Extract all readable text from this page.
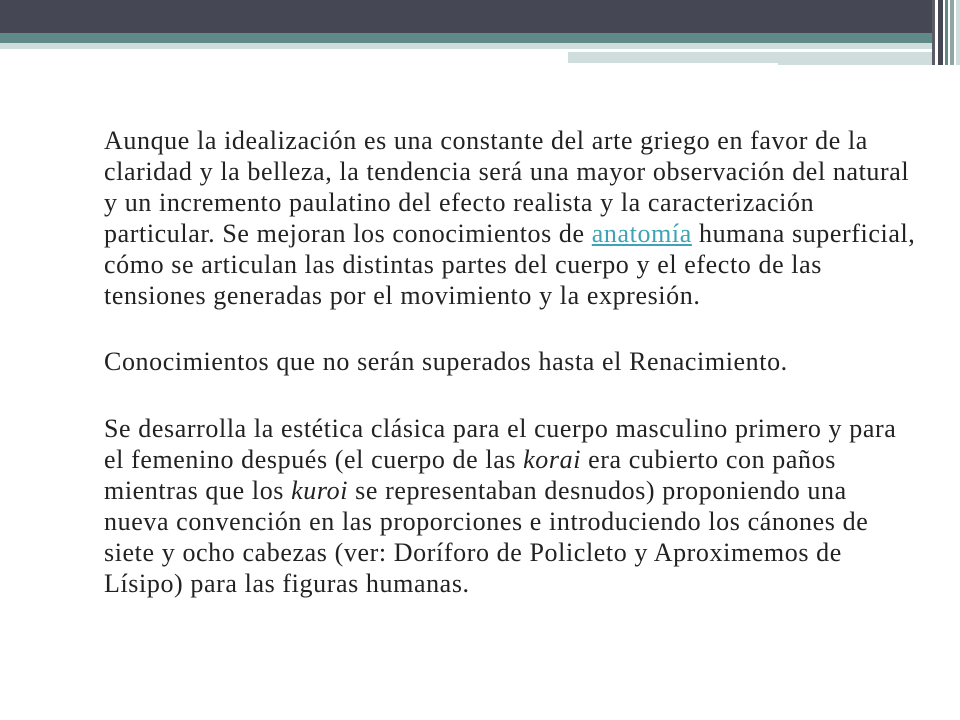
Aunque la idealización es una constante del arte griego en favor de la claridad y la belleza, la tendencia será una mayor observación del natural y un incremento paulatino del efecto realista y la caracterización particular. Se mejoran los conocimientos de anatomía humana superficial, cómo se articulan las distintas partes del cuerpo y el efecto de las tensiones generadas por el movimiento y la expresión.

Conocimientos que no serán superados hasta el Renacimiento.

Se desarrolla la estética clásica para el cuerpo masculino primero y para el femenino después (el cuerpo de las korai era cubierto con paños mientras que los kuroi se representaban desnudos) proponiendo una nueva convención en las proporciones e introduciendo los cánones de siete y ocho cabezas (ver: Doríforo de Policleto y Aproximemos de Lísipo) para las figuras humanas.
